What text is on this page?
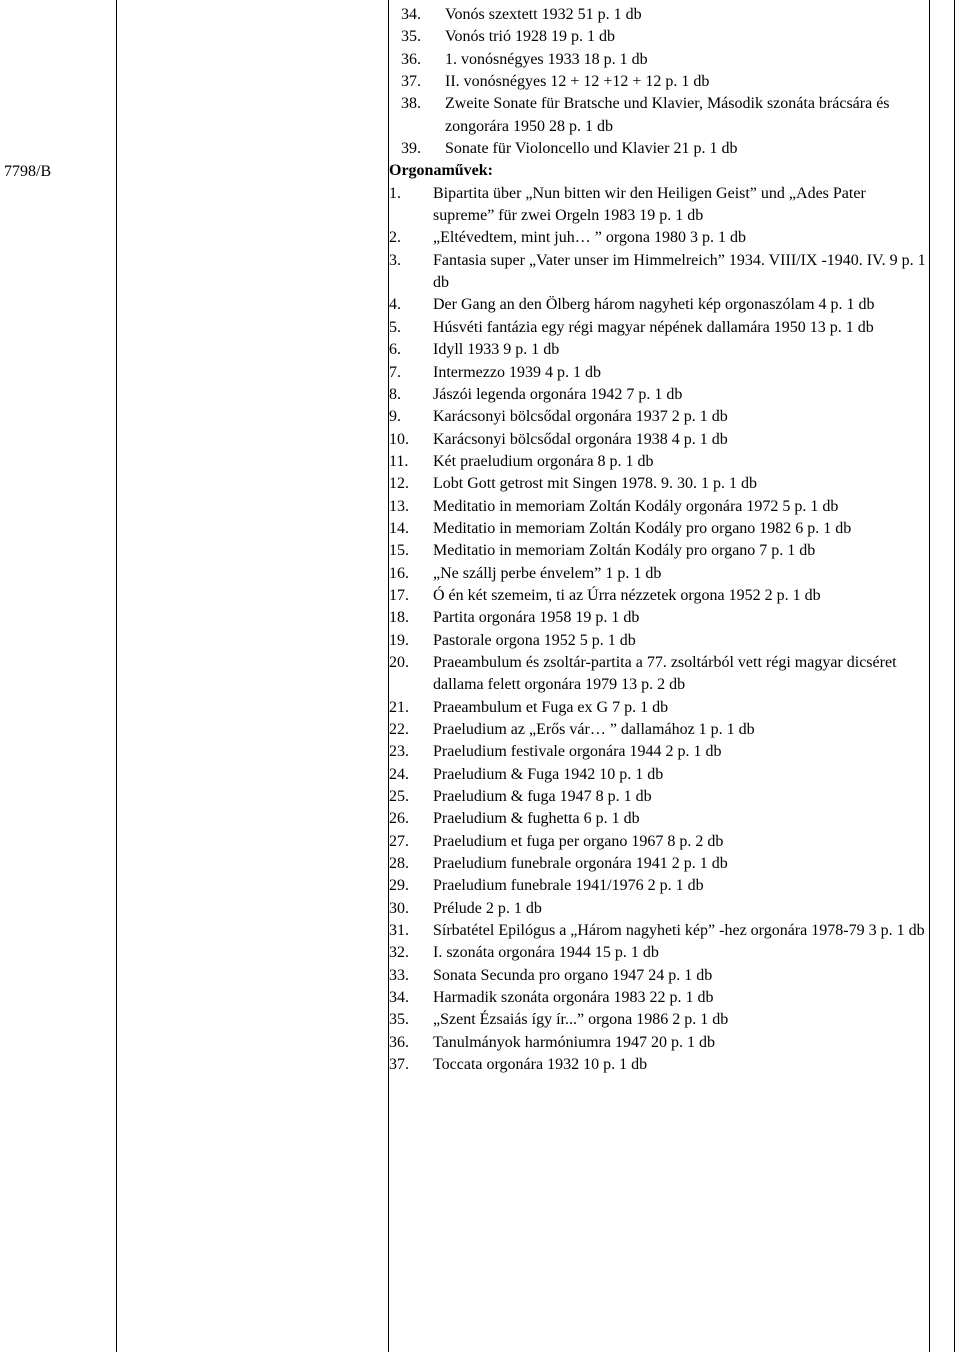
7798/B
34.	Vonós szextett 1932 51 p. 1 db
35.	Vonós trió 1928 19 p. 1 db
36.	1. vonósnégyes 1933 18 p. 1 db
37.	II. vonósnégyes 12 + 12 +12 + 12 p. 1 db
38.	Zweite Sonate für Bratsche und Klavier, Második szonáta brácsára és zongorára 1950 28 p. 1 db
39.	Sonate für Violoncello und Klavier 21 p. 1 db
Orgonaművek:
1.	Bipartita über „Nun bitten wir den Heiligen Geist” und „Ades Pater supreme” für zwei Orgeln 1983 19 p. 1 db
2.	„Eltévedtem, mint juh… ” orgona 1980 3 p. 1 db
3.	Fantasia super „Vater unser im Himmelreich” 1934. VIII/IX -1940. IV. 9 p. 1 db
4.	Der Gang an den Ölberg három nagyheti kép orgonaszólam 4 p. 1 db
5.	Húsvéti fantázia egy régi magyar népének dallamára 1950 13 p. 1 db
6.	Idyll 1933 9 p. 1 db
7.	Intermezzo 1939 4 p. 1 db
8.	Jászói legenda orgonára 1942 7 p. 1 db
9.	Karácsonyi bölcsődal orgonára 1937 2 p. 1 db
10.	Karácsonyi bölcsődal orgonára 1938 4 p. 1 db
11.	Két praeludium orgonára 8 p. 1 db
12.	Lobt Gott getrost mit Singen 1978. 9. 30. 1 p. 1 db
13.	Meditatio in memoriam Zoltán Kodály orgonára 1972 5 p. 1 db
14.	Meditatio in memoriam Zoltán Kodály pro organo 1982 6 p. 1 db
15.	Meditatio in memoriam Zoltán Kodály pro organo 7 p. 1 db
16.	„Ne szállj perbe énvelem” 1 p. 1 db
17.	Ó én két szemeim, ti az Úrra nézzetek orgona 1952 2 p. 1 db
18.	Partita orgonára 1958 19 p. 1 db
19.	Pastorale orgona 1952 5 p. 1 db
20.	Praeambulum és zsoltár-partita a 77. zsoltárból vett régi magyar dicséret dallama felett orgonára 1979 13 p. 2 db
21.	Praeambulum et Fuga ex G 7 p. 1 db
22.	Praeludium az „Erős vár… ” dallamához 1 p. 1 db
23.	Praeludium festivale orgonára 1944 2 p. 1 db
24.	Praeludium & Fuga 1942 10 p. 1 db
25.	Praeludium & fuga 1947 8 p. 1 db
26.	Praeludium & fughetta 6 p. 1 db
27.	Praeludium et fuga per organo 1967 8 p. 2 db
28.	Praeludium funebrale orgonára 1941 2 p. 1 db
29.	Praeludium funebrale 1941/1976 2 p. 1 db
30.	Prélude 2 p. 1 db
31.	Sírbatétel Epilógus a „Három nagyheti kép” -hez orgonára 1978-79 3 p. 1 db
32.	I. szonáta orgonára 1944 15 p. 1 db
33.	Sonata Secunda pro organo 1947 24 p. 1 db
34.	Harmadik szonáta orgonára 1983 22 p. 1 db
35.	„Szent Ézsaiás így ír...” orgona 1986 2 p. 1 db
36.	Tanulmányok harmóniumra 1947 20 p. 1 db
37.	Toccata orgonára 1932 10 p. 1 db
